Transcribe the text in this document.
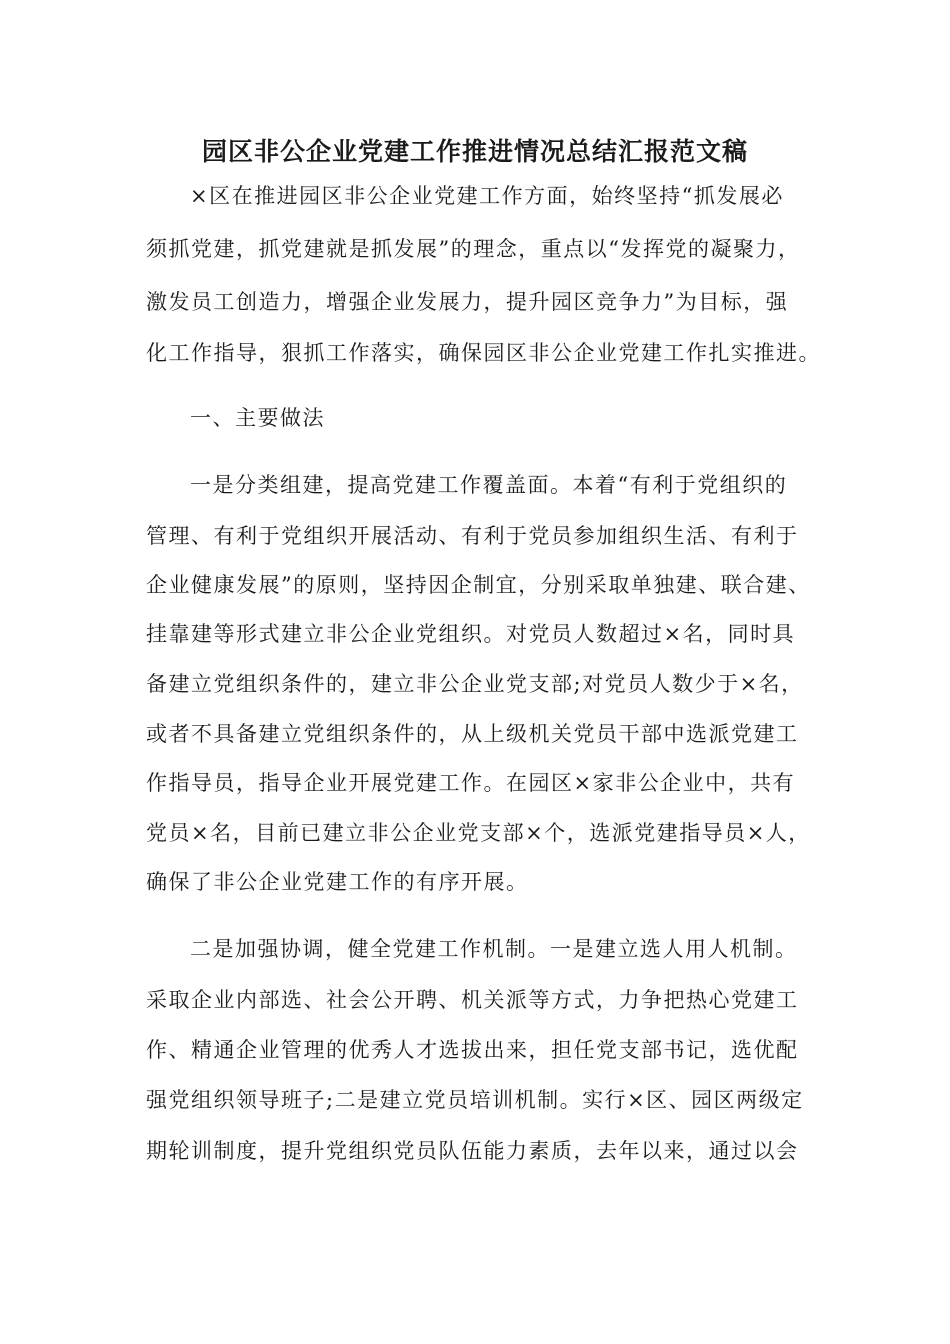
园区非公企业党建工作推进情况总结汇报范文稿

×区在推进园区非公企业党建工作方面，始终坚持“抓发展必

须抓党建，抓党建就是抓发展”的理念，重点以“发挥党的凝聚力，

激发员工创造力，增强企业发展力，提升园区竞争力”为目标，强

化工作指导，狠抓工作落实，确保园区非公企业党建工作扎实推进。

一、主要做法

一是分类组建，提高党建工作覆盖面。本着“有利于党组织的

管理、有利于党组织开展活动、有利于党员参加组织生活、有利于

企业健康发展”的原则，坚持因企制宜，分别采取单独建、联合建、

挂靠建等形式建立非公企业党组织。对党员人数超过×名，同时具

备建立党组织条件的，建立非公企业党支部;对党员人数少于×名，

或者不具备建立党组织条件的，从上级机关党员干部中选派党建工

作指导员，指导企业开展党建工作。在园区×家非公企业中，共有

党员×名，目前已建立非公企业党支部×个，选派党建指导员×人，

确保了非公企业党建工作的有序开展。

二是加强协调，健全党建工作机制。一是建立选人用人机制。

采取企业内部选、社会公开聘、机关派等方式，力争把热心党建工

作、精通企业管理的优秀人才选拔出来，担任党支部书记，选优配

强党组织领导班子;二是建立党员培训机制。实行×区、园区两级定

期轮训制度，提升党组织党员队伍能力素质，去年以来，通过以会
